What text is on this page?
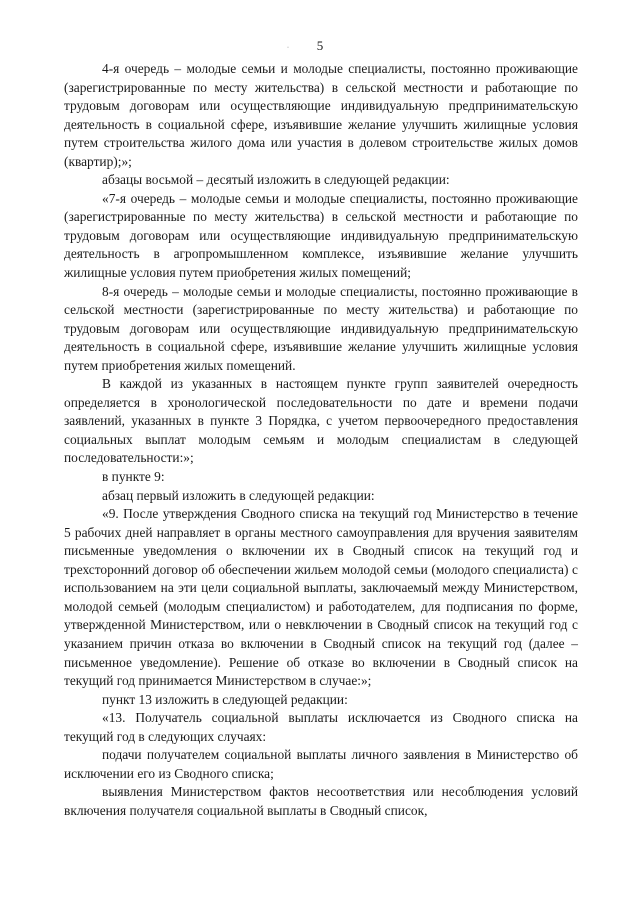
5
·

4-я очередь – молодые семьи и молодые специалисты, постоянно проживающие (зарегистрированные по месту жительства) в сельской местности и работающие по трудовым договорам или осуществляющие индивидуальную предпринимательскую деятельность в социальной сфере, изъявившие желание улучшить жилищные условия путем строительства жилого дома или участия в долевом строительстве жилых домов (квартир);»;

абзацы восьмой – десятый изложить в следующей редакции:

«7-я очередь – молодые семьи и молодые специалисты, постоянно проживающие (зарегистрированные по месту жительства) в сельской местности и работающие по трудовым договорам или осуществляющие индивидуальную предпринимательскую деятельность в агропромышленном комплексе, изъявившие желание улучшить жилищные условия путем приобретения жилых помещений;

8-я очередь – молодые семьи и молодые специалисты, постоянно проживающие в сельской местности (зарегистрированные по месту жительства) и работающие по трудовым договорам или осуществляющие индивидуальную предпринимательскую деятельность в социальной сфере, изъявившие желание улучшить жилищные условия путем приобретения жилых помещений.

В каждой из указанных в настоящем пункте групп заявителей очередность определяется в хронологической последовательности по дате и времени подачи заявлений, указанных в пункте 3 Порядка, с учетом первоочередного предоставления социальных выплат молодым семьям и молодым специалистам в следующей последовательности:»;

в пункте 9:

абзац первый изложить в следующей редакции:

«9. После утверждения Сводного списка на текущий год Министерство в течение 5 рабочих дней направляет в органы местного самоуправления для вручения заявителям письменные уведомления о включении их в Сводный список на текущий год и трехсторонний договор об обеспечении жильем молодой семьи (молодого специалиста) с использованием на эти цели социальной выплаты, заключаемый между Министерством, молодой семьей (молодым специалистом) и работодателем, для подписания по форме, утвержденной Министерством, или о невключении в Сводный список на текущий год с указанием причин отказа во включении в Сводный список на текущий год (далее – письменное уведомление). Решение об отказе во включении в Сводный список на текущий год принимается Министерством в случае:»;

пункт 13 изложить в следующей редакции:

«13. Получатель социальной выплаты исключается из Сводного списка на текущий год в следующих случаях:

подачи получателем социальной выплаты личного заявления в Министерство об исключении его из Сводного списка;

выявления Министерством фактов несоответствия или несоблюдения условий включения получателя социальной выплаты в Сводный список,
